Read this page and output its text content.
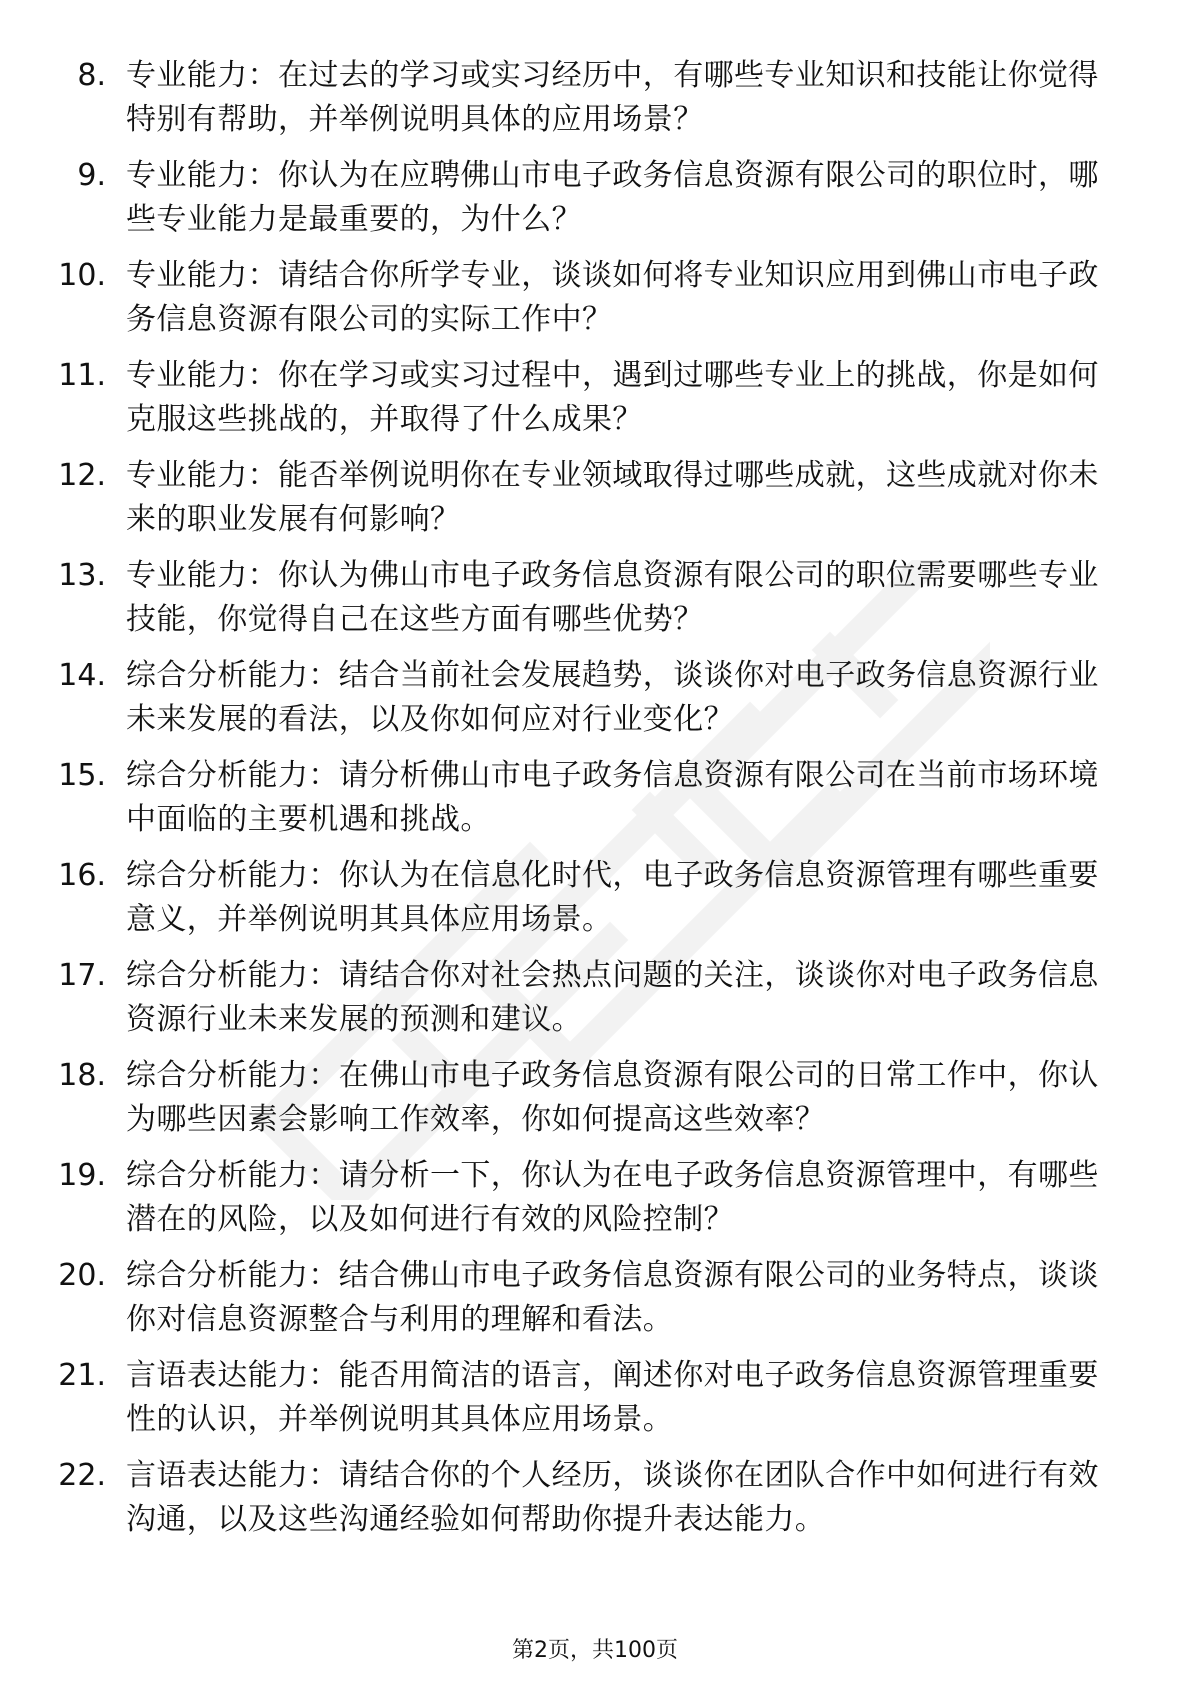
8. 专业能力：在过去的学习或实习经历中，有哪些专业知识和技能让你觉得特别有帮助，并举例说明具体的应用场景？
9. 专业能力：你认为在应聘佛山市电子政务信息资源有限公司的职位时，哪些专业能力是最重要的，为什么？
10. 专业能力：请结合你所学专业，谈谈如何将专业知识应用到佛山市电子政务信息资源有限公司的实际工作中？
11. 专业能力：你在学习或实习过程中，遇到过哪些专业上的挑战，你是如何克服这些挑战的，并取得了什么成果？
12. 专业能力：能否举例说明你在专业领域取得过哪些成就，这些成就对你未来的职业发展有何影响？
13. 专业能力：你认为佛山市电子政务信息资源有限公司的职位需要哪些专业技能，你觉得自己在这些方面有哪些优势？
14. 综合分析能力：结合当前社会发展趋势，谈谈你对电子政务信息资源行业未来发展的看法，以及你如何应对行业变化？
15. 综合分析能力：请分析佛山市电子政务信息资源有限公司在当前市场环境中面临的主要机遇和挑战。
16. 综合分析能力：你认为在信息化时代，电子政务信息资源管理有哪些重要意义，并举例说明其具体应用场景。
17. 综合分析能力：请结合你对社会热点问题的关注，谈谈你对电子政务信息资源行业未来发展的预测和建议。
18. 综合分析能力：在佛山市电子政务信息资源有限公司的日常工作中，你认为哪些因素会影响工作效率，你如何提高这些效率？
19. 综合分析能力：请分析一下，你认为在电子政务信息资源管理中，有哪些潜在的风险，以及如何进行有效的风险控制？
20. 综合分析能力：结合佛山市电子政务信息资源有限公司的业务特点，谈谈你对信息资源整合与利用的理解和看法。
21. 言语表达能力：能否用简洁的语言，阐述你对电子政务信息资源管理重要性的认识，并举例说明其具体应用场景。
22. 言语表达能力：请结合你的个人经历，谈谈你在团队合作中如何进行有效沟通，以及这些沟通经验如何帮助你提升表达能力。
第2页，共100页
